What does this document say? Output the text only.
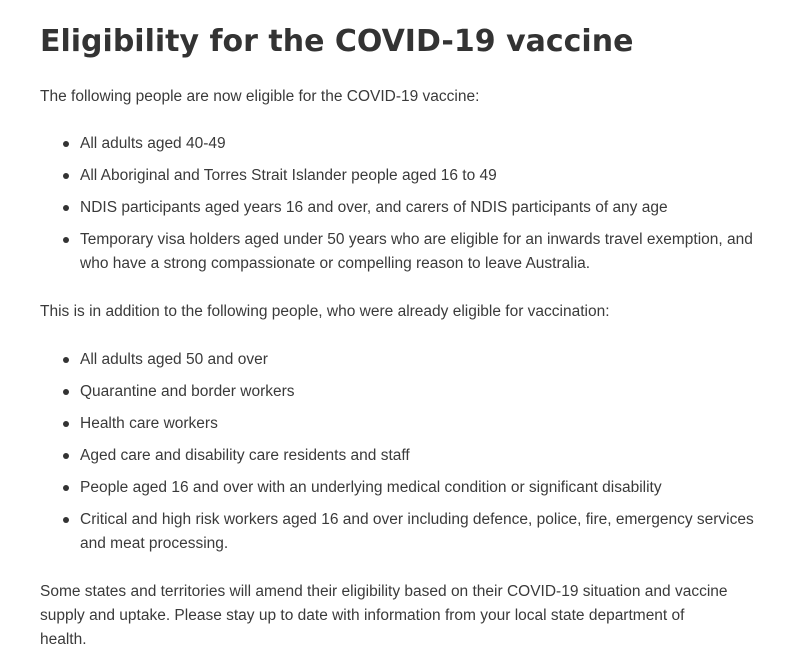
Eligibility for the COVID-19 vaccine

The following people are now eligible for the COVID-19 vaccine:

All adults aged 40-49
All Aboriginal and Torres Strait Islander people aged 16 to 49
NDIS participants aged years 16 and over, and carers of NDIS participants of any age
Temporary visa holders aged under 50 years who are eligible for an inwards travel exemption, and who have a strong compassionate or compelling reason to leave Australia.

This is in addition to the following people, who were already eligible for vaccination:

All adults aged 50 and over
Quarantine and border workers
Health care workers
Aged care and disability care residents and staff
People aged 16 and over with an underlying medical condition or significant disability
Critical and high risk workers aged 16 and over including defence, police, fire, emergency services and meat processing.

Some states and territories will amend their eligibility based on their COVID-19 situation and vaccine supply and uptake. Please stay up to date with information from your local state department of health.
